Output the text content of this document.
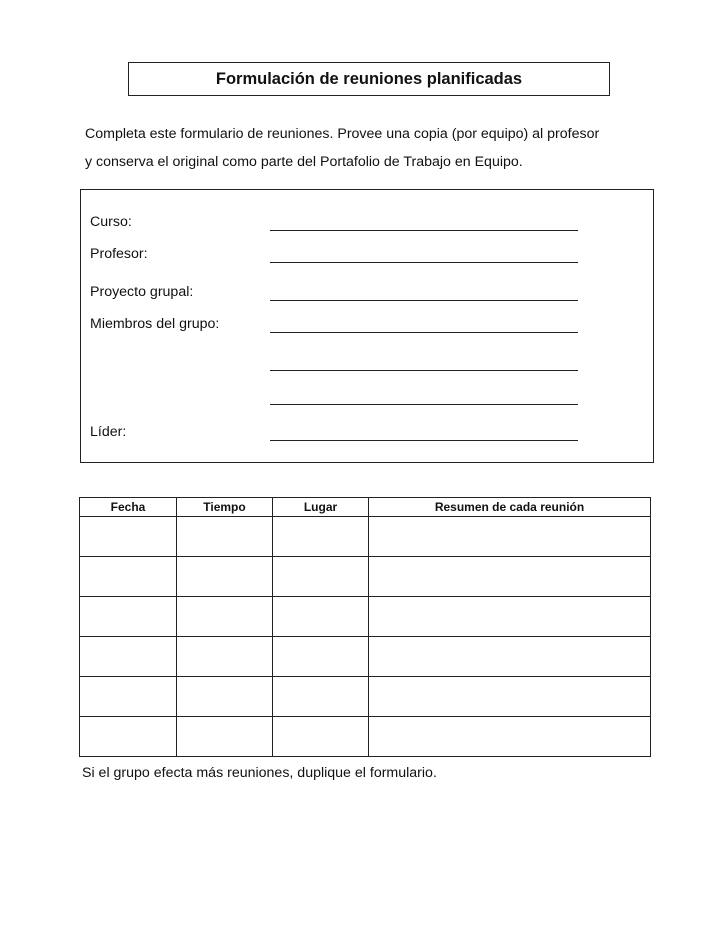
Formulación de reuniones planificadas

Completa este formulario de reuniones. Provee una copia (por equipo) al profesor
y conserva el original como parte del Portafolio de Trabajo en Equipo.

Curso:
Profesor:
Proyecto grupal:
Miembros del grupo:
Líder:
Fecha	Tiempo	Lugar	Resumen de cada reunión

Si el grupo efecta más reuniones, duplique el formulario.
